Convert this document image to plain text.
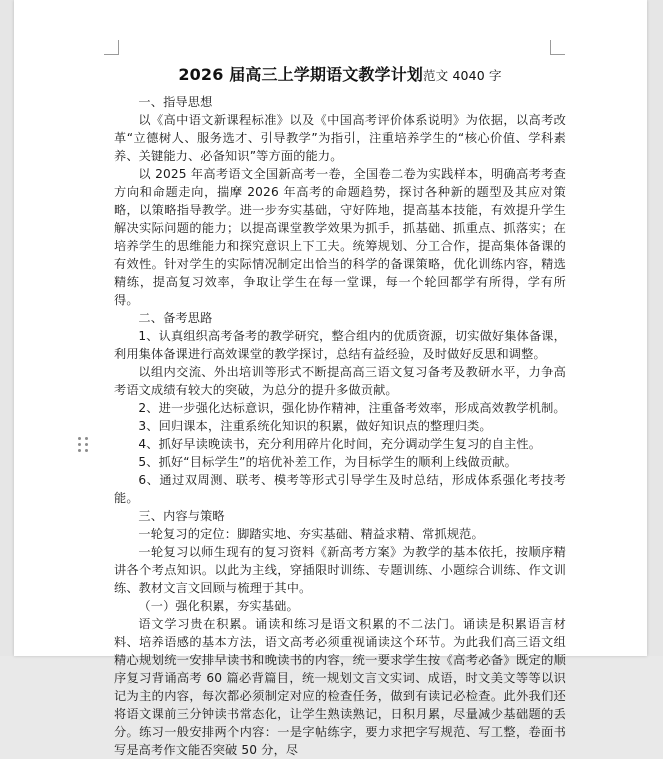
2026 届高三上学期语文教学计划范文 4040 字

一、指导思想

以《高中语文新课程标准》以及《中国高考评价体系说明》为依据，以高考改革“立德树人、服务选才、引导教学”为指引，注重培养学生的“核心价值、学科素养、关键能力、必备知识”等方面的能力。

以 2025 年高考语文全国新高考一卷，全国卷二卷为实践样本，明确高考考查方向和命题走向，揣摩 2026 年高考的命题趋势，探讨各种新的题型及其应对策略，以策略指导教学。进一步夯实基础，守好阵地，提高基本技能，有效提升学生解决实际问题的能力；以提高课堂教学效果为抓手，抓基础、抓重点、抓落实；在培养学生的思维能力和探究意识上下工夫。统筹规划、分工合作，提高集体备课的有效性。针对学生的实际情况制定出恰当的科学的备课策略，优化训练内容，精选精练，提高复习效率，争取让学生在每一堂课，每一个轮回都学有所得，学有所得。

二、备考思路

1、认真组织高考备考的教学研究，整合组内的优质资源，切实做好集体备课，利用集体备课进行高效课堂的教学探讨，总结有益经验，及时做好反思和调整。

以组内交流、外出培训等形式不断提高高三语文复习备考及教研水平，力争高考语文成绩有较大的突破，为总分的提升多做贡献。

2、进一步强化达标意识，强化协作精神，注重备考效率，形成高效教学机制。

3、回归课本，注重系统化知识的积累，做好知识点的整理归类。

4、抓好早读晚读书，充分利用碎片化时间，充分调动学生复习的自主性。

5、抓好“目标学生”的培优补差工作，为目标学生的顺利上线做贡献。

6、通过双周测、联考、模考等形式引导学生及时总结，形成体系强化考技考能。

三、内容与策略

一轮复习的定位：脚踏实地、夯实基础、精益求精、常抓规范。

一轮复习以师生现有的复习资料《新高考方案》为教学的基本依托，按顺序精讲各个考点知识。以此为主线，穿插限时训练、专题训练、小题综合训练、作文训练、教材文言文回顾与梳理于其中。

（一）强化积累，夯实基础。

语文学习贵在积累。诵读和练习是语文积累的不二法门。诵读是积累语言材料、培养语感的基本方法，语文高考必须重视诵读这个环节。为此我们高三语文组精心规划统一安排早读书和晚读书的内容，统一要求学生按《高考必备》既定的顺序复习背诵高考 60 篇必背篇目，统一规划文言文实词、成语，时文美文等等以识记为主的内容，每次都必须制定对应的检查任务，做到有读记必检查。此外我们还将语文课前三分钟读书常态化，让学生熟读熟记，日积月累，尽量减少基础题的丢分。练习一般安排两个内容：一是字帖练字，要力求把字写规范、写工整，卷面书写是高考作文能否突破 50 分，尽
